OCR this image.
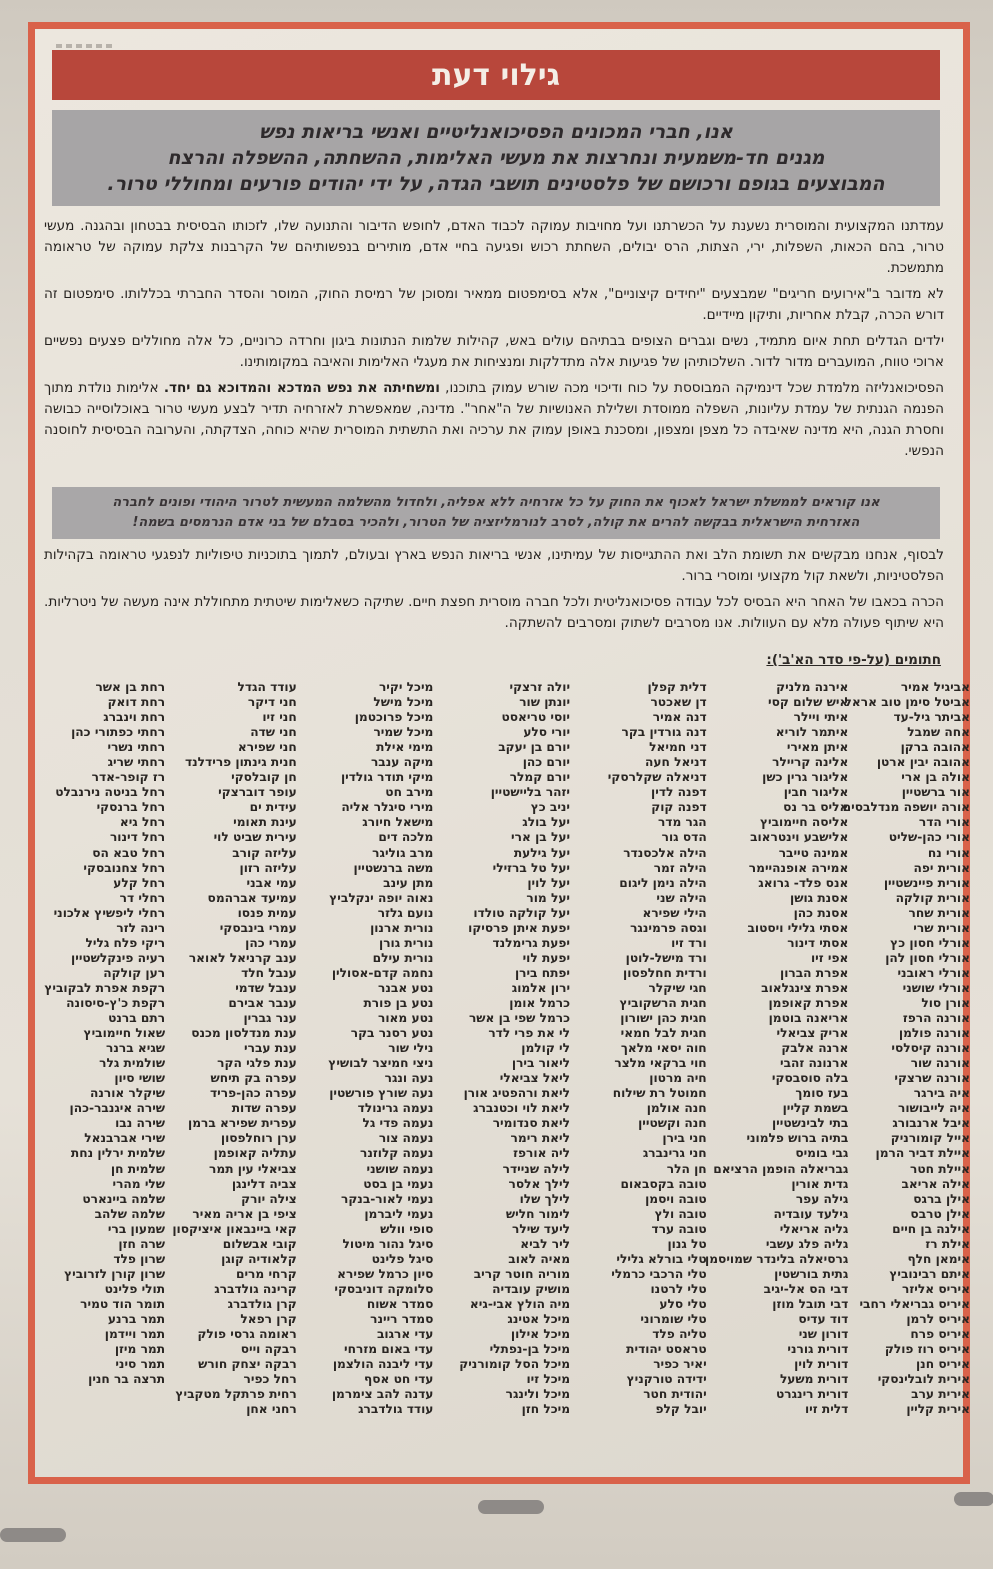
גילוי דעת
אנו, חברי המכונים הפסיכואנליטיים ואנשי בריאות נפש
מגנים חד-משמעית ונחרצות את מעשי האלימות, ההשחתה, ההשפלה והרצח
המבוצעים בגופם ורכושם של פלסטינים תושבי הגדה, על ידי יהודים פורעים ומחוללי טרור.

עמדתנו המקצועית והמוסרית נשענת על הכשרתנו ועל מחויבות עמוקה לכבוד האדם, לחופש הדיבור והתנועה שלו, לזכותו הבסיסית בבטחון ובהגנה. מעשי טרור, בהם הכאות, השפלות, ירי, הצתות, הרס יבולים, השחתת רכוש ופגיעה בחיי אדם, מותירים בנפשותיהם של הקרבנות צלקת עמוקה של טראומה מתמשכת.

לא מדובר ב"אירועים חריגים" שמבצעים "יחידים קיצוניים", אלא בסימפטום ממאיר ומסוכן של רמיסת החוק, המוסר והסדר החברתי בכללותו. סימפטום זה דורש הכרה, קבלת אחריות, ותיקון מיידיים.

ילדים הגדלים תחת איום מתמיד, נשים וגברים הצופים בבתיהם עולים באש, קהילות שלמות הנתונות ביגון וחרדה כרוניים, כל אלה מחוללים פצעים נפשיים ארוכי טווח, המועברים מדור לדור. השלכותיהן של פגיעות אלה מתדלקות ומנציחות את מעגלי האלימות והאיבה במקומותינו.

הפסיכואנליזה מלמדת שכל דינמיקה המבוססת על כוח ודיכוי מכה שורש עמוק בתוכנו, ומשחיתה את נפש המדכא והמדוכא גם יחד. אלימות נולדת מתוך הפנמה הגנתית של עמדת עליונות, השפלה ממוסדת ושלילת האנושיות של ה"אחר". מדינה, שמאפשרת לאזרחיה תדיר לבצע מעשי טרור באוכלוסייה כבושה וחסרת הגנה, היא מדינה שאיבדה כל מצפן ומצפון, ומסכנת באופן עמוק את ערכיה ואת התשתית המוסרית שהיא כוחה, הצדקתה, והערובה הבסיסית לחוסנה הנפשי.

אנו קוראים לממשלת ישראל לאכוף את החוק על כל אזרחיה ללא אפליה, ולחדול מהשלמה המעשית לטרור היהודי ופונים לחברה
האזרחית הישראלית בבקשה להרים את קולה, לסרב לנורמליזציה של הטרור, ולהכיר בסבלם של בני אדם הנרמסים בשמה!

לבסוף, אנחנו מבקשים את תשומת הלב ואת ההתגייסות של עמיתינו, אנשי בריאות הנפש בארץ ובעולם, לתמוך בתוכניות טיפוליות לנפגעי טראומה בקהילות הפלסטיניות, ולשאת קול מקצועי ומוסרי ברור.

הכרה בכאבו של האחר היא הבסיס לכל עבודה פסיכואנליטית ולכל חברה מוסרית חפצת חיים. שתיקה כשאלימות שיטתית מתחוללת אינה מעשה של ניטרליות. היא שיתוף פעולה מלא עם העוולות. אנו מסרבים לשתוק ומסרבים להשתקה.

חתומים (על-פי סדר הא'ב'):
אביגיל אמיר
אביטל סימן טוב אראל
אביתר גיל-עד
אחה שמבל
אהובה ברקן
אהובה יבין ארטן
אולה בן ארי
אור ברשטיין
אורה יושפה מנדלבסים
אורי הדר
אורי כהן-שליט
אורי נח
אורית יפה
אורית פיינשטיין
אורית קולקה
אורית שחר
אורית שרי
אורלי חסון כץ
אורלי חסון להן
אורלי ראובני
אורלי שושני
אורן סול
אורנה הרפז
אורנה פולמן
אורנה קיסלסי
אורנה שור
אורנה שרצקי
איה בירגר
איה לייבושור
איבל ארנבורג
אייל קומורניק
איילת דביר הרמן
איילת חטר
אילה אריאב
אילן ברגס
אילן טרבס
אילנה בן חיים
אילת רז
אימאן חלף
איתם רבינוביץ
איריס אליזר
איריס גבריאלי רחבי
איריס לרמן
איריס פרח
איריס רוז פולק
איריס חנן
אירית לובלינסקי
אירית ערב
אירית קליין
אירנה מלניק
איש שלום קסי
איתי ויילר
איתמר לוריא
איתן מאירי
אלינה קריילר
אליגור גרין כשן
אליגור חבין
אליס בר נס
אליסה חיימוביץ
אלישבע וינטראוב
אמינה טייבר
אמירה אופנהיימר
אנס פלד- גרואג
אסנת גושן
אסנת כהן
אסתי גלילי ויסטוב
אסתי דינור
אפי זיו
אפרת הברון
אפרת צינגלאוב
אפרת קאופמן
אריאנה בוטמן
אריק צביאלי
ארנה אלבק
ארנונה זהבי
בלה סוסבסקי
בעז סומך
בשמת קליין
בתי לבינשטיין
בתיה ברוש פלמוני
גבי בומיס
גבריאלה הופמן הרציאם
גדית אורין
גילה עפר
גילעד עובדיה
גליה אריאלי
גליה פלג עשבי
גרסיאלה בלינדר שמויסמן
גתית בורשטין
דבי הס אל-יגיב
דבי תובל מוזן
דוד עדיס
דורון שני
דורית גורני
דורית לוין
דורית משעל
דורית רינגרט
דלית זיו
דלית קפלן
דן שאכטר
דנה אמיר
דנה גורדין בקר
דני חמיאל
דניאל חעה
דניאלה שקלרסקי
דפנה לדין
דפנה קוק
הגר מדר
הדס גור
הילה אלכסנדר
הילה זמר
הילה נימן ליגום
הילה שני
הילי שפירא
וגסה פרמינגר
ורד זיו
ורד מישל-לוטן
ורדית חחלפסון
חגי שיקלר
חגית הרשקוביץ
חגית כהן ישורון
חגית לבל חמאי
חוה יסאי מלאך
חוי ברקאי מלצר
חיה מרטון
חמוטל רת שילוח
חנה אולמן
חנה וקשטיין
חני בירן
חני גרינברג
חן הלר
טובה בקסבאום
טובה ויסמן
טובה ולץ
טובה ערד
טל גנון
טלי בורלא גלילי
טלי הרכבי כרמלי
טלי לרטנו
טלי סלע
טלי שומרוני
טליה פלד
טראסט יהודית
יאיר כפיר
ידידה טורקניץ
יהודית חטר
יובל קלפ
יולה זרצקי
יונתן שור
יוסי טריאסט
יורי סלע
יורם בן יעקב
יורם כהן
יורם קמלר
יזהר בליישטיין
יניב כץ
יעל בולג
יעל בן ארי
יעל גילעת
יעל טל ברזילי
יעל לוין
יעל מור
יעל קולקה טולדו
יפעת איתן פרסיקו
יפעת גרימלנד
יפעת לוי
יפתח בירן
ירון אלמוג
כרמל אומן
כרמל שפי בן אשר
לי את פרי לדר
לי קולמן
ליאור בירן
ליאל צביאלי
ליאת ורהפטיג אורן
ליאת לוי וכטנברג
ליאת סנדומיר
ליאת רימר
ליה אורפז
לילה שניידר
לילך אלסר
לילך שלו
לימור חליש
ליעד שילר
ליר לביא
מאיה לאוב
מוריה חוטר קריב
מושיק עובדיה
מיה הולץ אבי-גיא
מיכל אטינג
מיכל אילון
מיכל בן-נפתלי
מיכל הסל קומורניק
מיכל זיו
מיכל ולינגר
מיכל חזן
מיכל יקיר
מיכל מישל
מיכל פרוכטמן
מיכל שמיר
מימי אילת
מיקה ענבר
מיקי תודר גולדין
מירב חט
מירי סיגלר אליה
מישאל חיורג
מלכה דים
מרב גוליגר
משה ברנשטיין
מתן עינב
נאוה יופה ינקלביץ
נועם גלזר
נורית ארנון
נורית גורן
נורית עילם
נחמה קדם-אסולין
נטע אבנר
נטע בן פורת
נטע מאור
נטע רסנר בקר
נילי שור
ניצי חמיצר לבושיץ
נעה ונגר
נעה שורץ פורשטין
נעמה גרינולד
נעמה פדי גל
נעמה צור
נעמה קלוזנר
נעמה שושני
נעמי בן בסט
נעמי לאור-בנקר
נעמי ליברמן
סופי וולש
סיגל נהור מיטול
סיגל פלינט
סיון כרמל שפירא
סלומקה דוניבסקי
סמדר אשוח
סמדר ריינר
עדי ארגוב
עדי באום מזרחי
עדי ליבנה הולצמן
עדי חט אסף
עדנה להב צימרמן
עודד גולדברג
עודד הגדל
חני דיקר
חני זיו
חני שדה
חני שפירא
חנית גינתון פרידלנד
חן קובלסקי
עופר דוברצקי
עידית ים
עינת תאומי
עירית שביט לוי
עליזה קורב
עליזה רזון
עמי אבני
עמיעד אברהמס
עמית פנסו
עמרי בינבסקי
עמרי כהן
ענב קרניאל לאואר
ענבל חלד
ענבל שדמי
ענבר אבירם
ענר גברין
ענת מנדלסון מכנס
ענת עברי
ענת פלגי הקר
עפרה בק תיחש
עפרה כהן-פריד
עפרה שדות
עפרית שפירא ברמן
ערן רוחלפסון
עתליה קאופמן
צביאלי עין תמר
צביה דלינגן
צילה יורק
ציפי בן אריה מאיר
קאי ביינבאון איציקסון
קובי אבשלום
קלאודיה קוגן
קרחי מרים
קרינה גולדברג
קרן גולדברג
קרן רפאל
ראומה גרסי פולק
רבקה וייס
רבקה יצחק חורש
רחל כפיר
רחית פרתקל מטקביץ
רחני אחן
רחת בן אשר
רחת דואק
רחת וינברג
רחתי כפתורי כהן
רחתי נשרי
רחתי שריג
רז קופר-אדר
רחל בניטה נירנבלט
רחל ברנסקי
רחל גיא
רחל דינור
רחל טבא הס
רחל צחנובסקי
רחל קלע
רחלי דר
רחלי ליפשיץ אלכוני
רינה לזר
ריקי פלח גליל
רעיה פינקלשטיין
רען קולקה
רקפת אפרת לבקוביץ
רקפת כ'ץ-סיסונה
רתם ברנט
שאול חיימוביץ
שגיא ברנר
שולמית גלר
שושי סיון
שיקלר אורנה
שירה איגנבר-כהן
שירה נבו
שירי אברבנאל
שלמית ירלין נחת
שלמית חן
שלי מהרי
שלמה ביינארט
שלמה שלהב
שמעון ברי
שרה חזן
שרון פלד
שרון קורן לזרוביץ
תולי פלינט
תומר הוד טמיר
תמר ברנע
תמר ויידמן
תמר מיזן
תמר סיני
תרצה בר חנין
